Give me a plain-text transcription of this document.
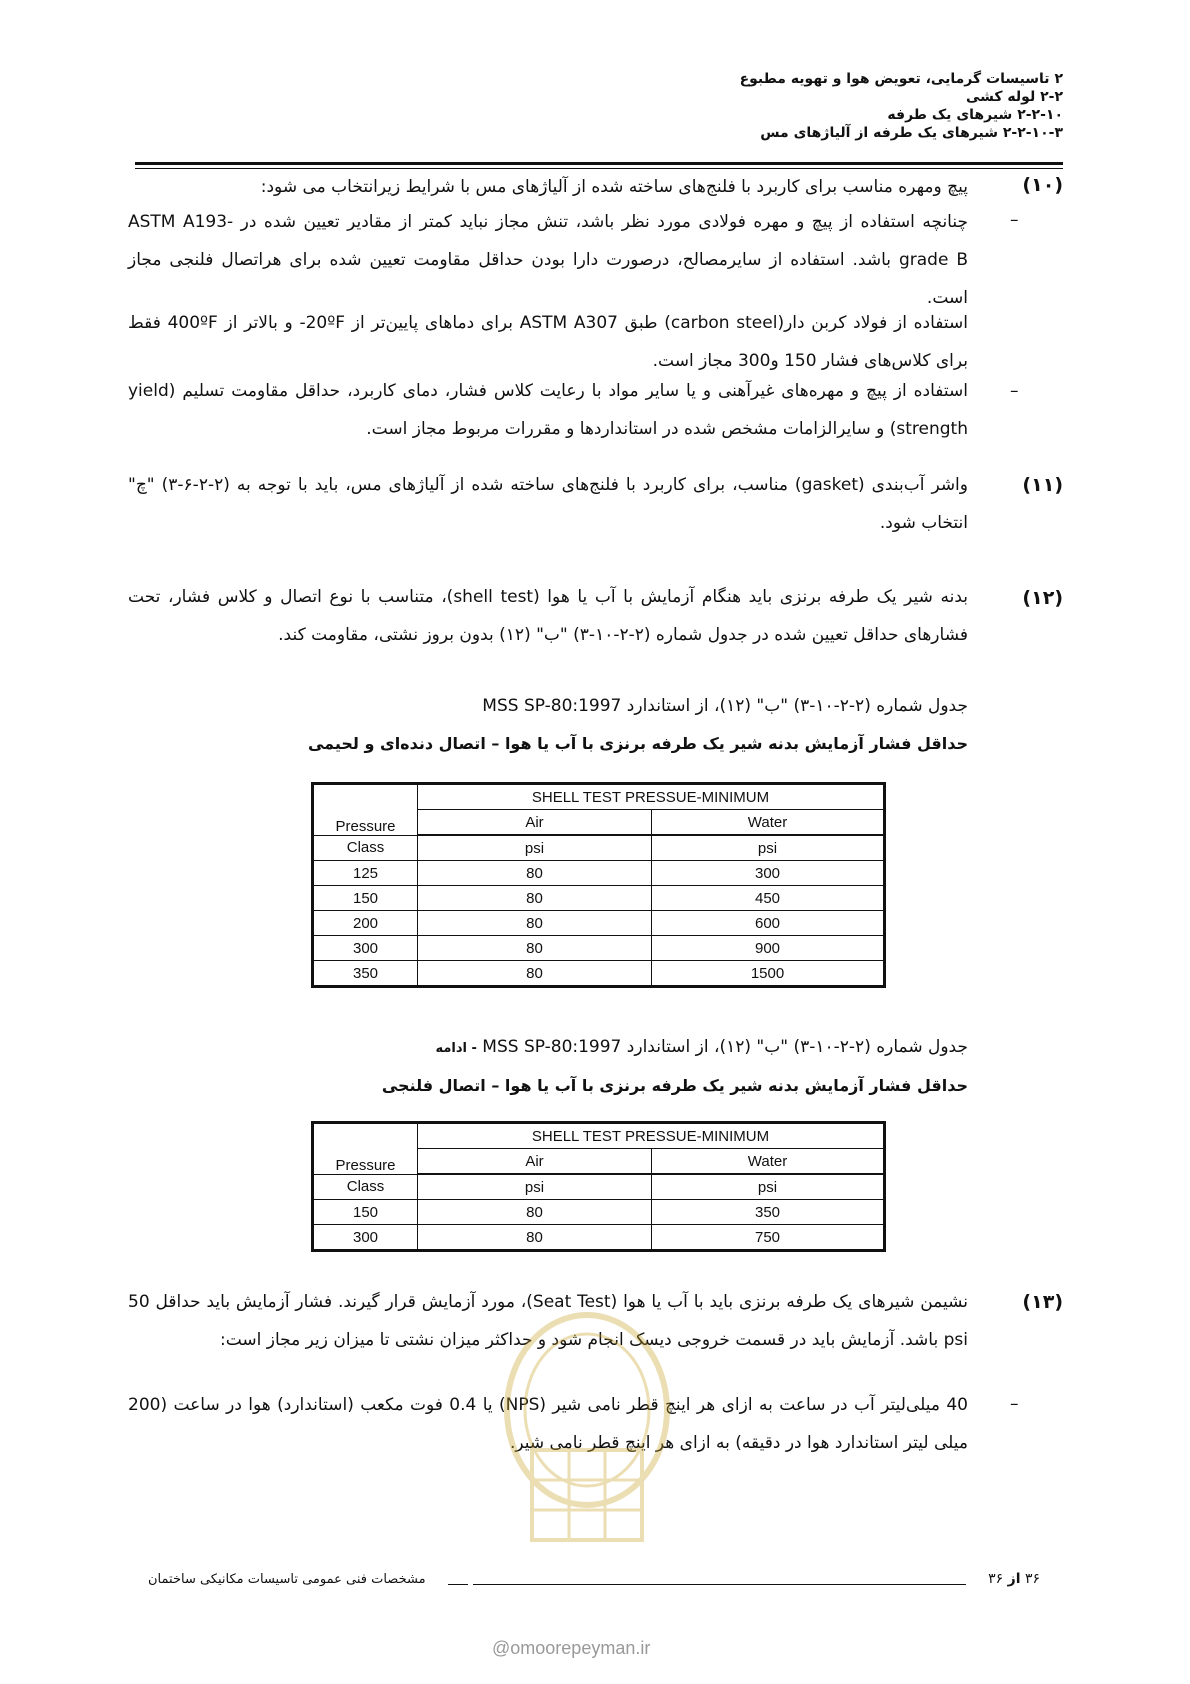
۲ تاسیسات گرمایی، تعویض هوا و تهویه مطبوع
۲-۲ لوله کشی
۲-۲-۱۰ شیرهای یک طرفه
۲-۲-۱۰-۳ شیرهای یک طرفه از آلیاژهای مس
(۱۰)
پیچ ومهره مناسب برای کاربرد با فلنج‌های ساخته شده از آلیاژهای مس با شرایط زیرانتخاب می شود:
–
چنانچه استفاده از پیچ و مهره فولادی مورد نظر باشد، تنش مجاز نباید کمتر از مقادیر تعیین شده در ASTM A193-grade B باشد. استفاده از سایرمصالح، درصورت دارا بودن حداقل مقاومت تعیین شده برای هراتصال فلنجی مجاز است.
استفاده از فولاد کربن دار(carbon steel) طبق ASTM A307 برای دماهای پایین‌تر از 20ºF- و بالاتر از 400ºF فقط برای کلاس‌های فشار 150 و300 مجاز است.
–
استفاده از پیچ و مهره‌های غیرآهنی و یا سایر مواد با رعایت کلاس فشار، دمای کاربرد، حداقل مقاومت تسلیم (yield strength) و سایرالزامات مشخص شده در استانداردها و مقررات مربوط مجاز است.
(۱۱)
واشر آب‌بندی (gasket) مناسب، برای کاربرد با فلنج‌های ساخته شده از آلیاژهای مس، باید با توجه به (۲-۲-۶-۳) "چ" انتخاب شود.
(۱۲)
بدنه شیر یک طرفه برنزی باید هنگام آزمایش با آب یا هوا (shell test)، متناسب با نوع اتصال و کلاس فشار، تحت فشارهای حداقل تعیین شده در جدول شماره (۲-۲-۱۰-۳) "ب" (۱۲) بدون بروز نشتی، مقاومت کند.
جدول شماره (۲-۲-۱۰-۳) "ب" (۱۲)، از استاندارد MSS SP-80:1997
حداقل فشار آزمایش بدنه شیر یک طرفه برنزی با آب یا هوا – اتصال دنده‌ای و لحیمی
Pressure	SHELL TEST PRESSUE-MINIMUM	
	Air	Water
Class	psi	psi
125	80	300
150	80	450
200	80	600
300	80	900
350	80	1500
جدول شماره (۲-۲-۱۰-۳) "ب" (۱۲)، از استاندارد MSS SP-80:1997 - ادامه
حداقل فشار آزمایش بدنه شیر یک طرفه برنزی با آب یا هوا – اتصال فلنجی
Pressure	SHELL TEST PRESSUE-MINIMUM	
	Air	Water
Class	psi	psi
150	80	350
300	80	750
(۱۳)
نشیمن شیرهای یک طرفه برنزی باید با آب یا هوا (Seat Test)، مورد آزمایش قرار گیرند. فشار آزمایش باید حداقل 50 psi باشد. آزمایش باید در قسمت خروجی دیسک انجام شود و حداکثر میزان نشتی تا میزان زیر مجاز است:
–
40 میلی‌لیتر آب در ساعت به ازای هر اینچ قطر نامی شیر (NPS) یا 0.4 فوت مکعب (استاندارد) هوا در ساعت (200 میلی لیتر استاندارد هوا در دقیقه) به ازای هر اینچ قطر نامی شیر.
۳۶ از ۳۶
مشخصات فنی عمومی تاسیسات مکانیکی ساختمان
@omoorepeyman.ir
